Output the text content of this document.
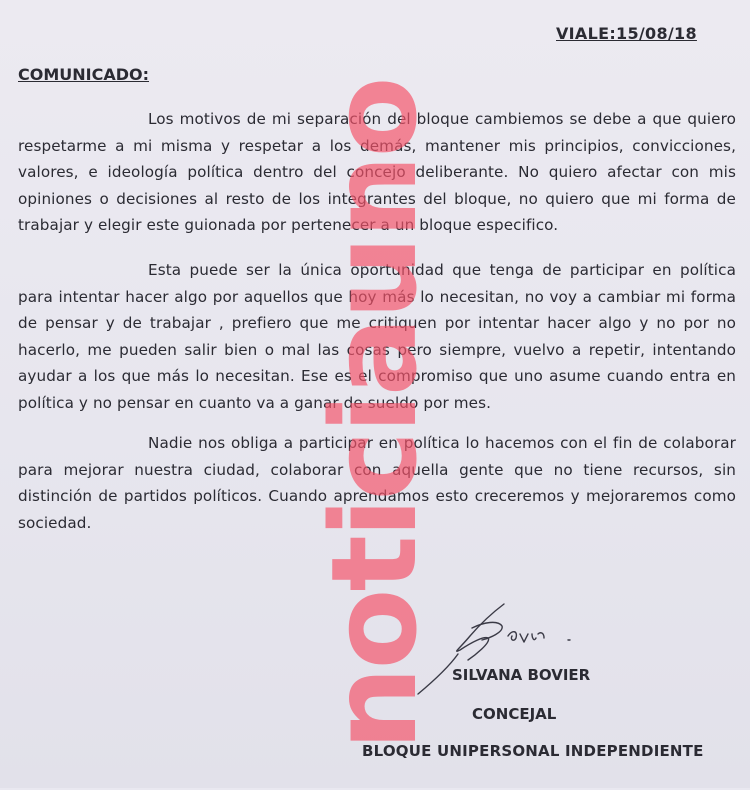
VIALE:15/08/18
COMUNICADO:

Los motivos de mi separación del bloque cambiemos se debe a que quiero respetarme a mi misma y respetar a los demás, mantener mis principios, convicciones, valores, e ideología política dentro del concejo deliberante. No quiero afectar con mis opiniones o decisiones al resto de los integrantes del bloque, no quiero que mi forma de trabajar y elegir este guionada por pertenecer a un bloque especifico.

Esta puede ser la única oportunidad que tenga de participar en política para intentar hacer algo por aquellos que hoy más lo necesitan, no voy a cambiar mi forma de pensar y de trabajar , prefiero que me critiquen por intentar hacer algo y no por no hacerlo, me pueden salir bien o mal las cosas pero siempre, vuelvo a repetir, intentando ayudar a los que más lo necesitan. Ese es el compromiso que uno asume cuando entra en política y no pensar en cuanto va a ganar de sueldo por mes.

Nadie nos obliga a participar en política lo hacemos con el fin de colaborar para mejorar nuestra ciudad, colaborar con aquella gente que no tiene recursos, sin distinción de partidos políticos. Cuando aprendamos esto creceremos y mejoraremos como sociedad.	noticiauno SILVANA BOVIER
CONCEJAL
BLOQUE UNIPERSONAL INDEPENDIENTE
